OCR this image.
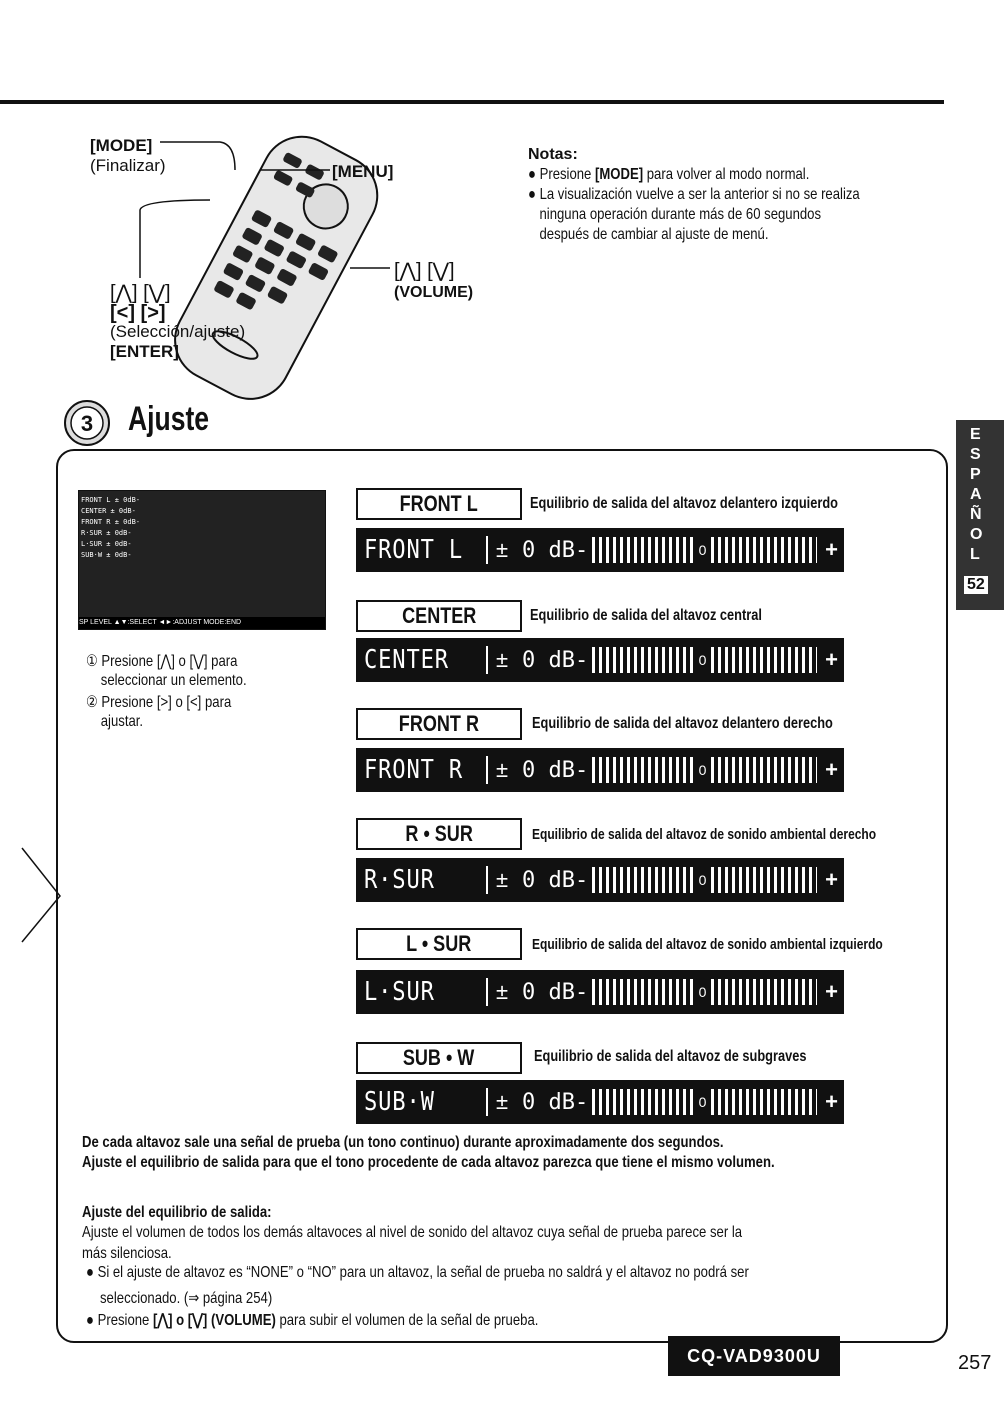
[MODE]
(Finalizar)	[MENU]
[⋀] [⋁]
[<] [>]
(Selección/ajuste)
[ENTER]
[⋀] [⋁]
(VOLUME)
Notas:
● Presione [MODE] para volver al modo normal.
● La visualización vuelve a ser la anterior si no se realiza
ninguna operación durante más de 60 segundos
después de cambiar al ajuste de menú.
3 Ajuste	E
S
P
A
Ñ
O
L
52
FRONT L ± 0dB-
CENTER ± 0dB-
FRONT R ± 0dB-
R·SUR ± 0dB-
L·SUR ± 0dB-
SUB·W ± 0dB-
SP LEVEL ▲▼:SELECT ◄►:ADJUST MODE:END
① Presione [⋀] o [⋁] para
seleccionar un elemento.
② Presione [>] o [<] para
ajustar.
FRONT L	Equilibrio de salida del altavoz delantero izquierdo
FRONT L ± 0 dB-	0	+
CENTER	Equilibrio de salida del altavoz central
CENTER	± 0 dB-	0	+
FRONT R	Equilibrio de salida del altavoz delantero derecho
FRONT R ± 0 dB-	0	+
R • SUR	Equilibrio de salida del altavoz de sonido ambiental derecho
R·SUR	± 0 dB-	0	+
L • SUR	Equilibrio de salida del altavoz de sonido ambiental izquierdo
L·SUR	± 0 dB-	0	+
SUB • W	Equilibrio de salida del altavoz de subgraves
SUB·W	± 0 dB-	0	+
De cada altavoz sale una señal de prueba (un tono continuo) durante aproximadamente dos segundos.
Ajuste el equilibrio de salida para que el tono procedente de cada altavoz parezca que tiene el mismo volumen.
Ajuste del equilibrio de salida:
Ajuste el volumen de todos los demás altavoces al nivel de sonido del altavoz cuya señal de prueba parece ser la
más silenciosa.
● Si el ajuste de altavoz es “NONE” o “NO” para un altavoz, la señal de prueba no saldrá y el altavoz no podrá ser
seleccionado. (⇒ página 254)
● Presione [⋀] o [⋁] (VOLUME) para subir el volumen de la señal de prueba.
CQ-VAD9300U	257
